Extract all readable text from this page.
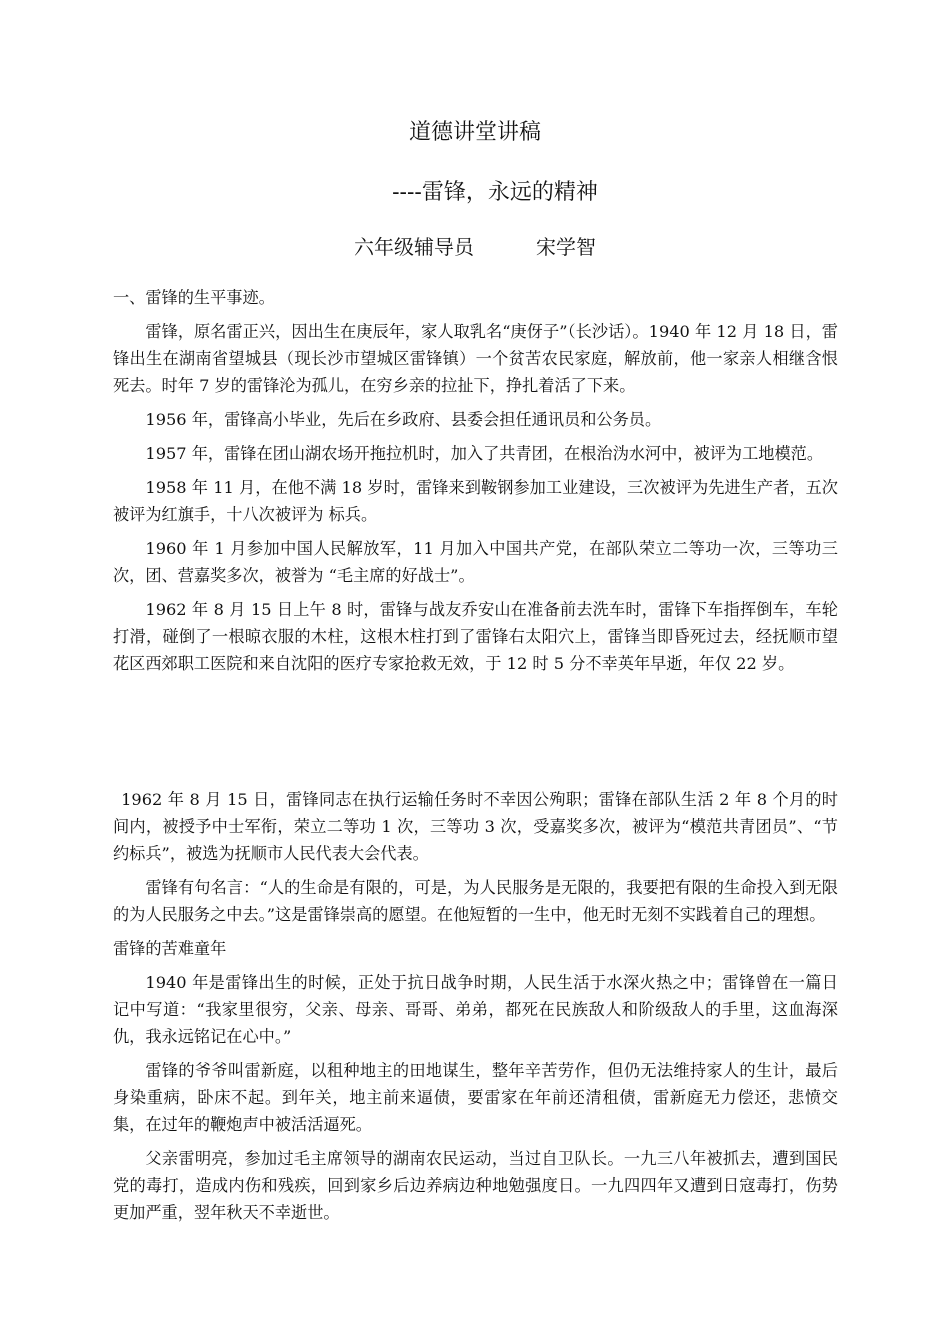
道德讲堂讲稿
----雷锋，永远的精神
六年级辅导员	宋学智

一、雷锋的生平事迹。

雷锋，原名雷正兴，因出生在庚辰年，家人取乳名“庚伢子”（长沙话）。1940 年 12 月 18 日，雷锋出生在湖南省望城县（现长沙市望城区雷锋镇）一个贫苦农民家庭，解放前，他一家亲人相继含恨死去。时年 7 岁的雷锋沦为孤儿，在穷乡亲的拉扯下，挣扎着活了下来。

1956 年，雷锋高小毕业，先后在乡政府、县委会担任通讯员和公务员。

1957 年，雷锋在团山湖农场开拖拉机时，加入了共青团，在根治沩水河中，被评为工地模范。

1958 年 11 月，在他不满 18 岁时，雷锋来到鞍钢参加工业建设，三次被评为先进生产者，五次被评为红旗手，十八次被评为 标兵。

1960 年 1 月参加中国人民解放军，11 月加入中国共产党，在部队荣立二等功一次，三等功三次，团、营嘉奖多次，被誉为 “毛主席的好战士”。

1962 年 8 月 15 日上午 8 时，雷锋与战友乔安山在准备前去洗车时，雷锋下车指挥倒车，车轮打滑，碰倒了一根晾衣服的木柱，这根木柱打到了雷锋右太阳穴上，雷锋当即昏死过去，经抚顺市望花区西郊职工医院和来自沈阳的医疗专家抢救无效，于 12 时 5 分不幸英年早逝，年仅 22 岁。

1962 年 8 月 15 日，雷锋同志在执行运输任务时不幸因公殉职；雷锋在部队生活 2 年 8 个月的时间内，被授予中士军衔，荣立二等功 1 次，三等功 3 次，受嘉奖多次，被评为“模范共青团员”、“节约标兵”，被选为抚顺市人民代表大会代表。

雷锋有句名言：“人的生命是有限的，可是，为人民服务是无限的，我要把有限的生命投入到无限的为人民服务之中去。”这是雷锋崇高的愿望。在他短暂的一生中，他无时无刻不实践着自己的理想。

雷锋的苦难童年

1940 年是雷锋出生的时候，正处于抗日战争时期，人民生活于水深火热之中；雷锋曾在一篇日记中写道：“我家里很穷，父亲、母亲、哥哥、弟弟，都死在民族敌人和阶级敌人的手里，这血海深仇，我永远铭记在心中。”

雷锋的爷爷叫雷新庭，以租种地主的田地谋生，整年辛苦劳作，但仍无法维持家人的生计，最后身染重病，卧床不起。到年关，地主前来逼债，要雷家在年前还清租债，雷新庭无力偿还，悲愤交集，在过年的鞭炮声中被活活逼死。

父亲雷明亮，参加过毛主席领导的湖南农民运动，当过自卫队长。一九三八年被抓去，遭到国民党的毒打，造成内伤和残疾，回到家乡后边养病边种地勉强度日。一九四四年又遭到日寇毒打，伤势更加严重，翌年秋天不幸逝世。
